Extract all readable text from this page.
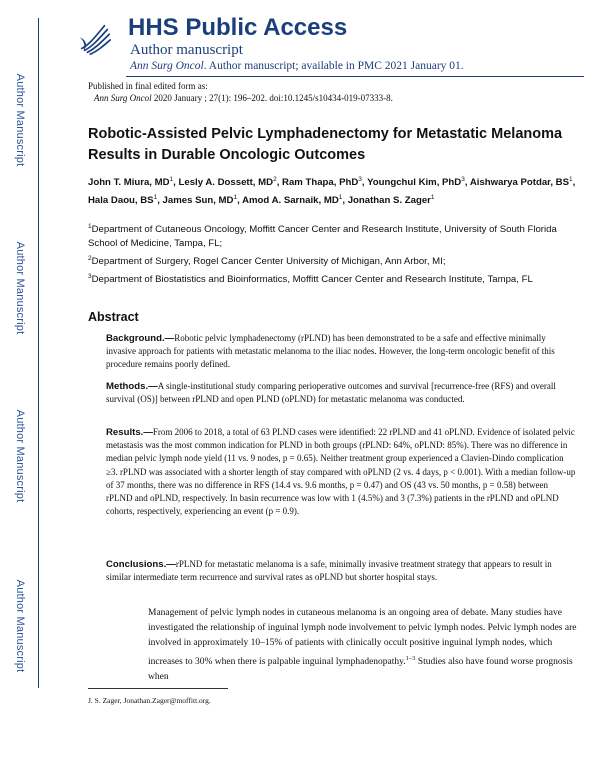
Author Manuscript
Author Manuscript
Author Manuscript
Author Manuscript
HHS Public Access
Author manuscript
Ann Surg Oncol. Author manuscript; available in PMC 2021 January 01.
Published in final edited form as:
Ann Surg Oncol 2020 January ; 27(1): 196–202. doi:10.1245/s10434-019-07333-8.
Robotic-Assisted Pelvic Lymphadenectomy for Metastatic Melanoma Results in Durable Oncologic Outcomes
John T. Miura, $MD^1$, Lesly A. Dossett, $MD^2$, Ram Thapa, PhD$^3$, Youngchul Kim, PhD$^3$, Aishwarya Potdar, $BS^1$, Hala Daou, $BS^1$, James Sun, $MD^1$, Amod A. Sarnaik, $MD^1$, Jonathan S. Zager$^1$
$^1$Department of Cutaneous Oncology, Moffitt Cancer Center and Research Institute, University of South Florida School of Medicine, Tampa, FL;
$^2$Department of Surgery, Rogel Cancer Center University of Michigan, Ann Arbor, MI;
$^3$Department of Biostatistics and Bioinformatics, Moffitt Cancer Center and Research Institute, Tampa, FL
Abstract
Background.—Robotic pelvic lymphadenectomy (rPLND) has been demonstrated to be a safe and effective minimally invasive approach for patients with metastatic melanoma to the iliac nodes. However, the long-term oncologic benefit of this procedure remains poorly defined.
Methods.—A single-institutional study comparing perioperative outcomes and survival [recurrence-free (RFS) and overall survival (OS)] between rPLND and open PLND (oPLND) for metastatic melanoma was conducted.
Results.—From 2006 to 2018, a total of 63 PLND cases were identified: 22 rPLND and 41 oPLND. Evidence of isolated pelvic metastasis was the most common indication for PLND in both groups (rPLND: 64%, oPLND: 85%). There was no difference in median pelvic lymph node yield (11 vs. 9 nodes, p = 0.65). Neither treatment group experienced a Clavien-Dindo complication ≥3. rPLND was associated with a shorter length of stay compared with oPLND (2 vs. 4 days, p < 0.001). With a median follow-up of 37 months, there was no difference in RFS (14.4 vs. 9.6 months, p = 0.47) and OS (43 vs. 50 months, p = 0.58) between rPLND and oPLND, respectively. In basin recurrence was low with 1 (4.5%) and 3 (7.3%) patients in the rPLND and oPLND cohorts, respectively, experiencing an event (p = 0.9).
Conclusions.—rPLND for metastatic melanoma is a safe, minimally invasive treatment strategy that appears to result in similar intermediate term recurrence and survival rates as oPLND but shorter hospital stays.
Management of pelvic lymph nodes in cutaneous melanoma is an ongoing area of debate. Many studies have investigated the relationship of inguinal lymph node involvement to pelvic lymph nodes. Pelvic lymph nodes are involved in approximately 10–15% of patients with clinically occult positive inguinal lymph nodes, which increases to 30% when there is palpable inguinal lymphadenopathy.$^{1-3}$ Studies also have found worse prognosis when
J. S. Zager, Jonathan.Zager@moffitt.org.
